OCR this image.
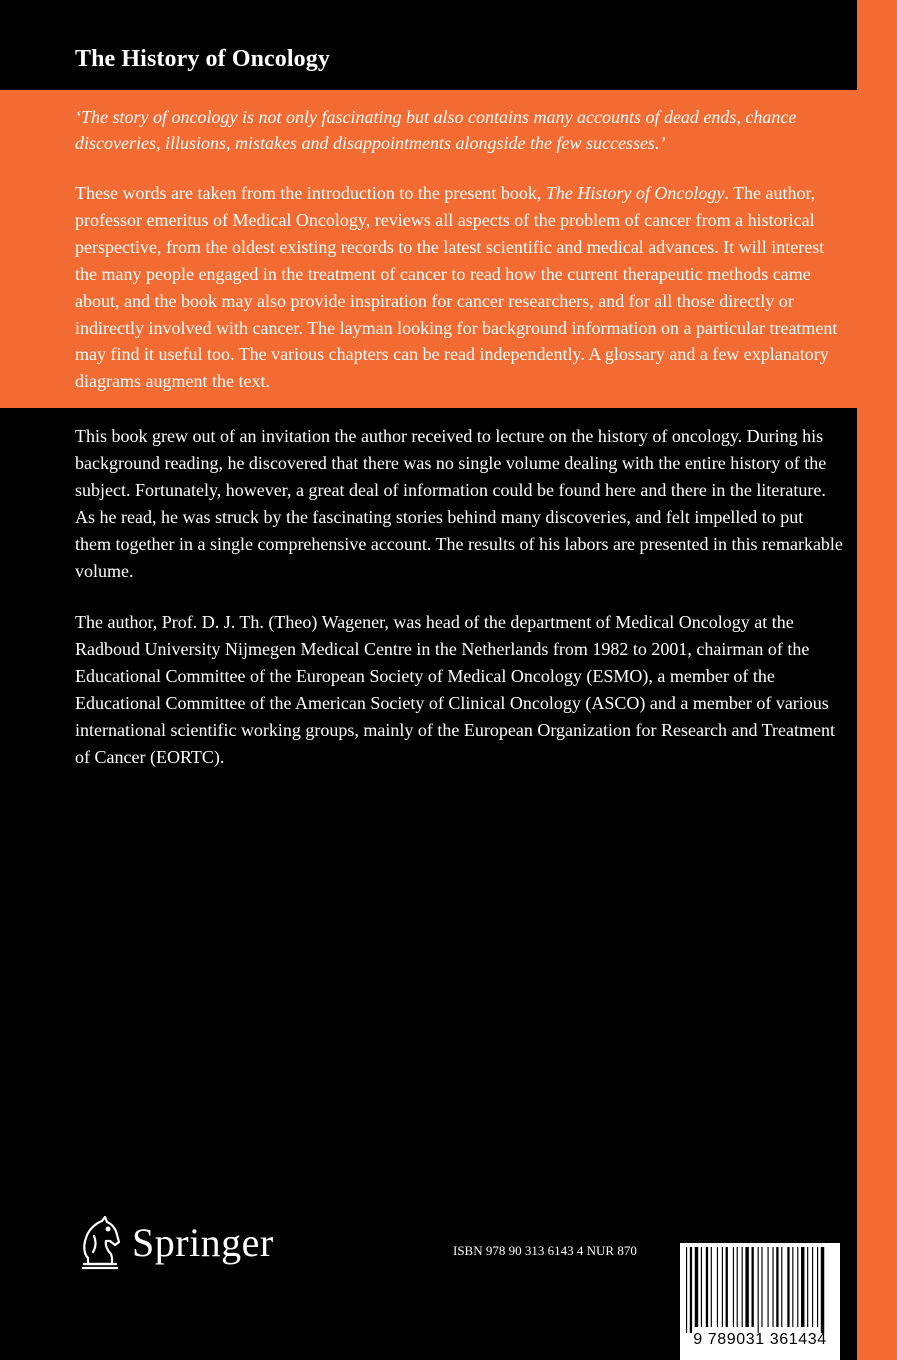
The History of Oncology
‘The story of oncology is not only fascinating but also contains many accounts of dead ends, chance discoveries, illusions, mistakes and disappointments alongside the few successes.’
These words are taken from the introduction to the present book, The History of Oncology. The author, professor emeritus of Medical Oncology, reviews all aspects of the problem of cancer from a historical perspective, from the oldest existing records to the latest scientific and medical advances. It will interest the many people engaged in the treatment of cancer to read how the current therapeutic methods came about, and the book may also provide inspiration for cancer researchers, and for all those directly or indirectly involved with cancer. The layman looking for background information on a particular treatment may find it useful too. The various chapters can be read independently. A glossary and a few explanatory diagrams augment the text.
This book grew out of an invitation the author received to lecture on the history of oncology. During his background reading, he discovered that there was no single volume dealing with the entire history of the subject. Fortunately, however, a great deal of information could be found here and there in the literature. As he read, he was struck by the fascinating stories behind many discoveries, and felt impelled to put them together in a single comprehensive account. The results of his labors are presented in this remarkable volume.
The author, Prof. D. J. Th. (Theo) Wagener, was head of the department of Medical Oncology at the Radboud University Nijmegen Medical Centre in the Netherlands from 1982 to 2001, chairman of the Educational Committee of the European Society of Medical Oncology (ESMO), a member of the Educational Committee of the American Society of Clinical Oncology (ASCO) and a member of various international scientific working groups, mainly of the European Organization for Research and Treatment of Cancer (EORTC).
Springer	ISBN 978 90 313 6143 4 NUR 870
9 789031 361434
